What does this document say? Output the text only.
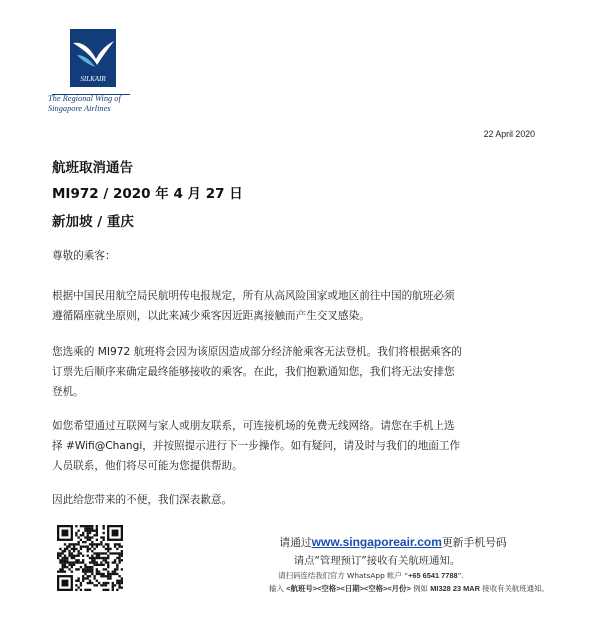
SILKAIR
The Regional Wing of
Singapore Airlines
22 April 2020
航班取消通告
MI972 / 2020 年 4 月 27 日
新加坡 / 重庆
尊敬的乘客：
根据中国民用航空局民航明传电报规定，所有从高风险国家或地区前往中国的航班必须
遵循隔座就坐原则，以此来减少乘客因近距离接触而产生交叉感染。
您选乘的 MI972 航班将会因为该原因造成部分经济舱乘客无法登机。我们将根据乘客的
订票先后顺序来确定最终能够接收的乘客。在此，我们抱歉通知您，我们将无法安排您
登机。
如您希望通过互联网与家人或朋友联系，可连接机场的免费无线网络。请您在手机上选
择 #Wifi@Changi，并按照提示进行下一步操作。如有疑问，请及时与我们的地面工作
人员联系，他们将尽可能为您提供帮助。
因此给您带来的不便，我们深表歉意。
请通过www.singaporeair.com更新手机号码
请点“管理预订”接收有关航班通知。
请扫码连结我们官方 WhatsApp 帐户 “+65 6541 7788”.
输入 <航班号><空格><日期><空格><月份> 例如 MI328 23 MAR 接收有关航班通知。
